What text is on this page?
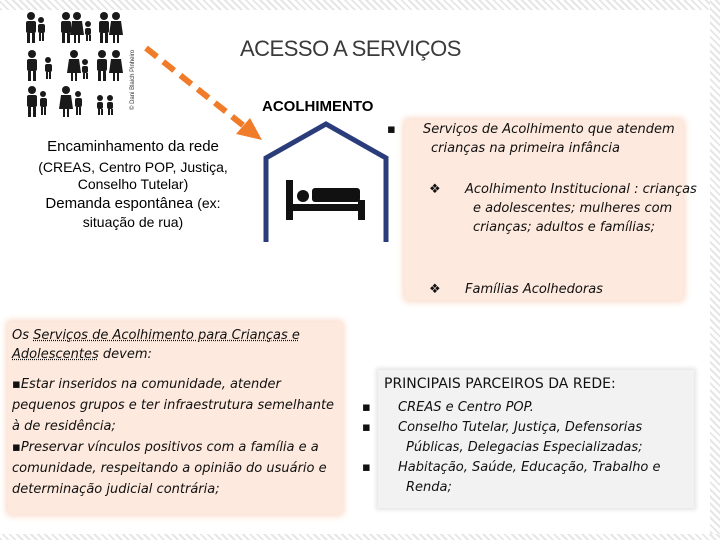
© Dani Blaich Pinheiro
ACESSO A SERVIÇOS
ACOLHIMENTO
Encaminhamento da rede
(CREAS, Centro POP, Justiça, Conselho Tutelar)
Demanda espontânea (ex:
situação de rua)
▪ Serviços de Acolhimento que atendem crianças na primeira infância
❖ Acolhimento Institucional : crianças e adolescentes; mulheres com crianças; adultos e famílias;
❖ Famílias Acolhedoras
Os Serviços de Acolhimento para Crianças e Adolescentes devem:
▪Estar inseridos na comunidade, atender pequenos grupos e ter infraestrutura semelhante à de residência;
▪Preservar vínculos positivos com a família e a comunidade, respeitando a opinião do usuário e determinação judicial contrária;
PRINCIPAIS PARCEIROS DA REDE:
▪ CREAS e Centro POP.
▪ Conselho Tutelar, Justiça, Defensorias Públicas, Delegacias Especializadas;
▪ Habitação, Saúde, Educação, Trabalho e Renda;
